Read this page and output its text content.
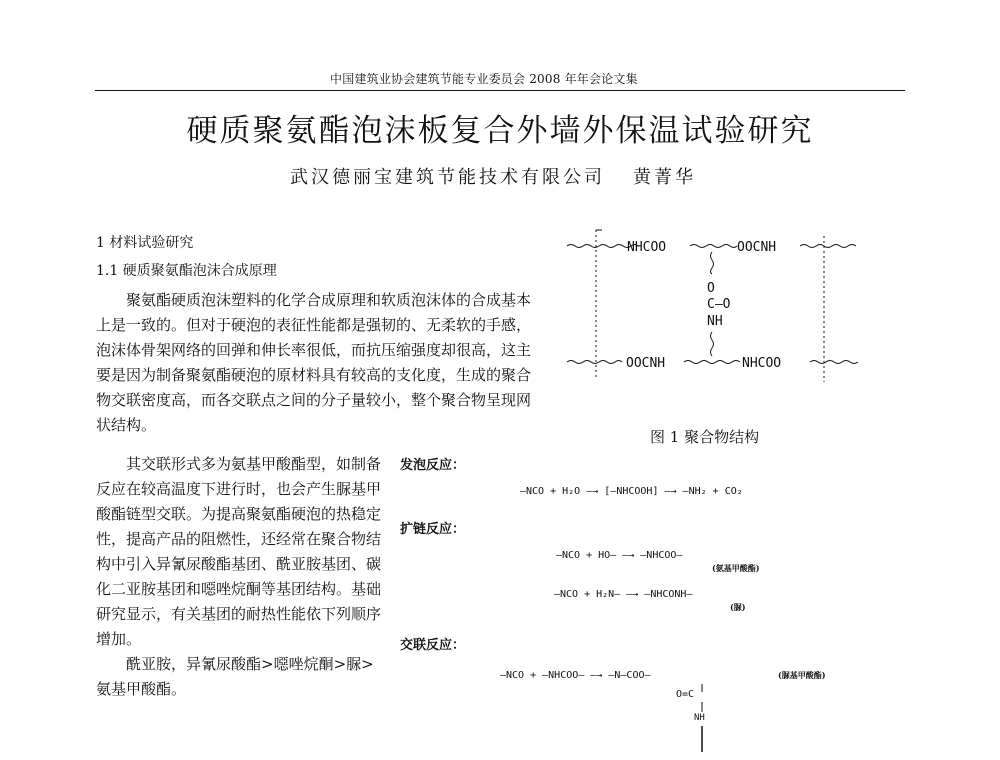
中国建筑业协会建筑节能专业委员会 2008 年年会论文集
硬质聚氨酯泡沫板复合外墙外保温试验研究
武汉德丽宝建筑节能技术有限公司 黄菁华
1 材料试验研究
1.1 硬质聚氨酯泡沫合成原理

聚氨酯硬质泡沫塑料的化学合成原理和软质泡沫体的合成基本上是一致的。但对于硬泡的表征性能都是强韧的、无柔软的手感，泡沫体骨架网络的回弹和伸长率很低，而抗压缩强度却很高，这主要是因为制备聚氨酯硬泡的原材料具有较高的支化度，生成的聚合物交联密度高，而各交联点之间的分子量较小，整个聚合物呈现网状结构。

其交联形式多为氨基甲酸酯型，如制备反应在较高温度下进行时，也会产生脲基甲酸酯链型交联。为提高聚氨酯硬泡的热稳定性，提高产品的阻燃性，还经常在聚合物结构中引入异氰尿酸酯基团、酰亚胺基团、碳化二亚胺基团和噁唑烷酮等基团结构。基础研究显示，有关基团的耐热性能依下列顺序增加。

酰亚胺，异氰尿酸酯>噁唑烷酮>脲>氨基甲酸酯。

NHCOO	OOCNH
O
C—O
NH
OOCNH	NHCOO
图 1 聚合物结构
发泡反应：
—NCO + H₂O —→ [—NHCOOH] —→ —NH₂ + CO₂
扩链反应：
—NCO + HO— —→ —NHCOO—
(氨基甲酸酯)
—NCO + H₂N— —→ —NHCONH—
(脲)
交联反应：
—NCO + —NHCOO— —→ —N—COO—	(脲基甲酸酯)
O=C
NH
